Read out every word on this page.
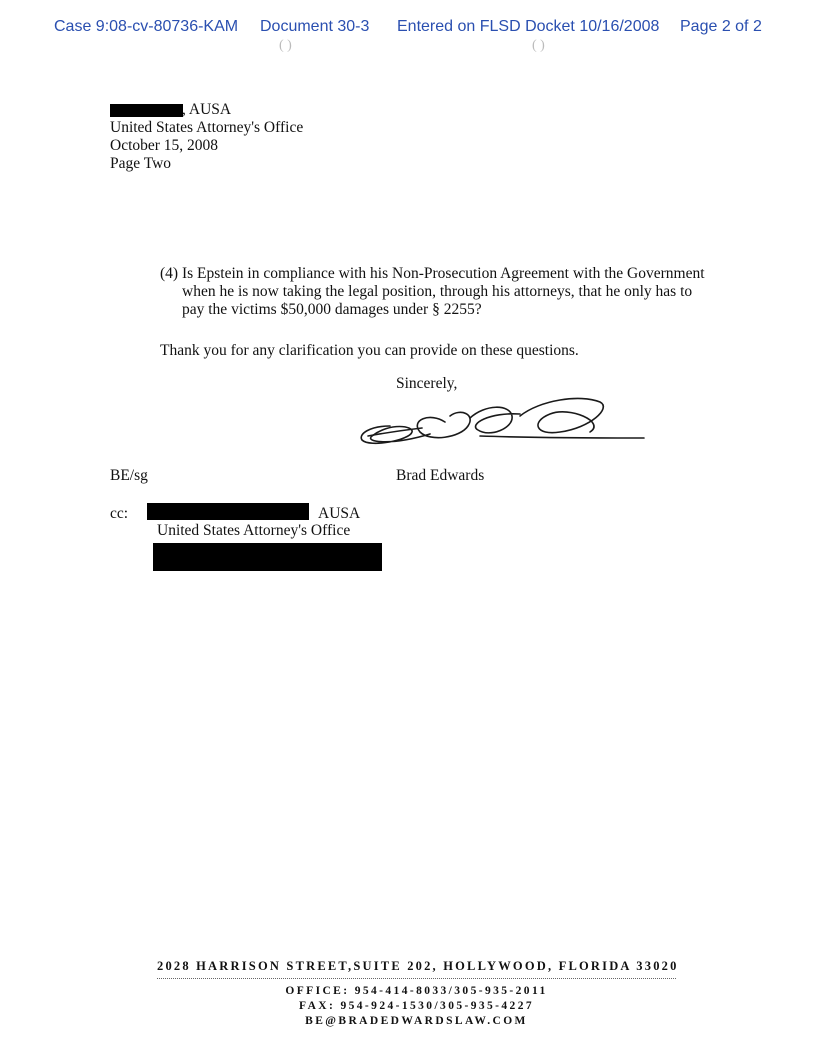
Case 9:08-cv-80736-KAM Document 30-3 Entered on FLSD Docket 10/16/2008 Page 2 of 2
( )	( )
, AUSA
United States Attorney's Office
October 15, 2008
Page Two
(4) Is Epstein in compliance with his Non-Prosecution Agreement with the Government
when he is now taking the legal position, through his attorneys, that he only has to
pay the victims $50,000 damages under § 2255?
Thank you for any clarification you can provide on these questions.
Sincerely,
BE/sg	Brad Edwards
cc:	AUSA
United States Attorney's Office
2028 HARRISON STREET,SUITE 202, HOLLYWOOD, FLORIDA 33020
OFFICE: 954-414-8033/305-935-2011
FAX: 954-924-1530/305-935-4227
BE@BRADEDWARDSLAW.COM
